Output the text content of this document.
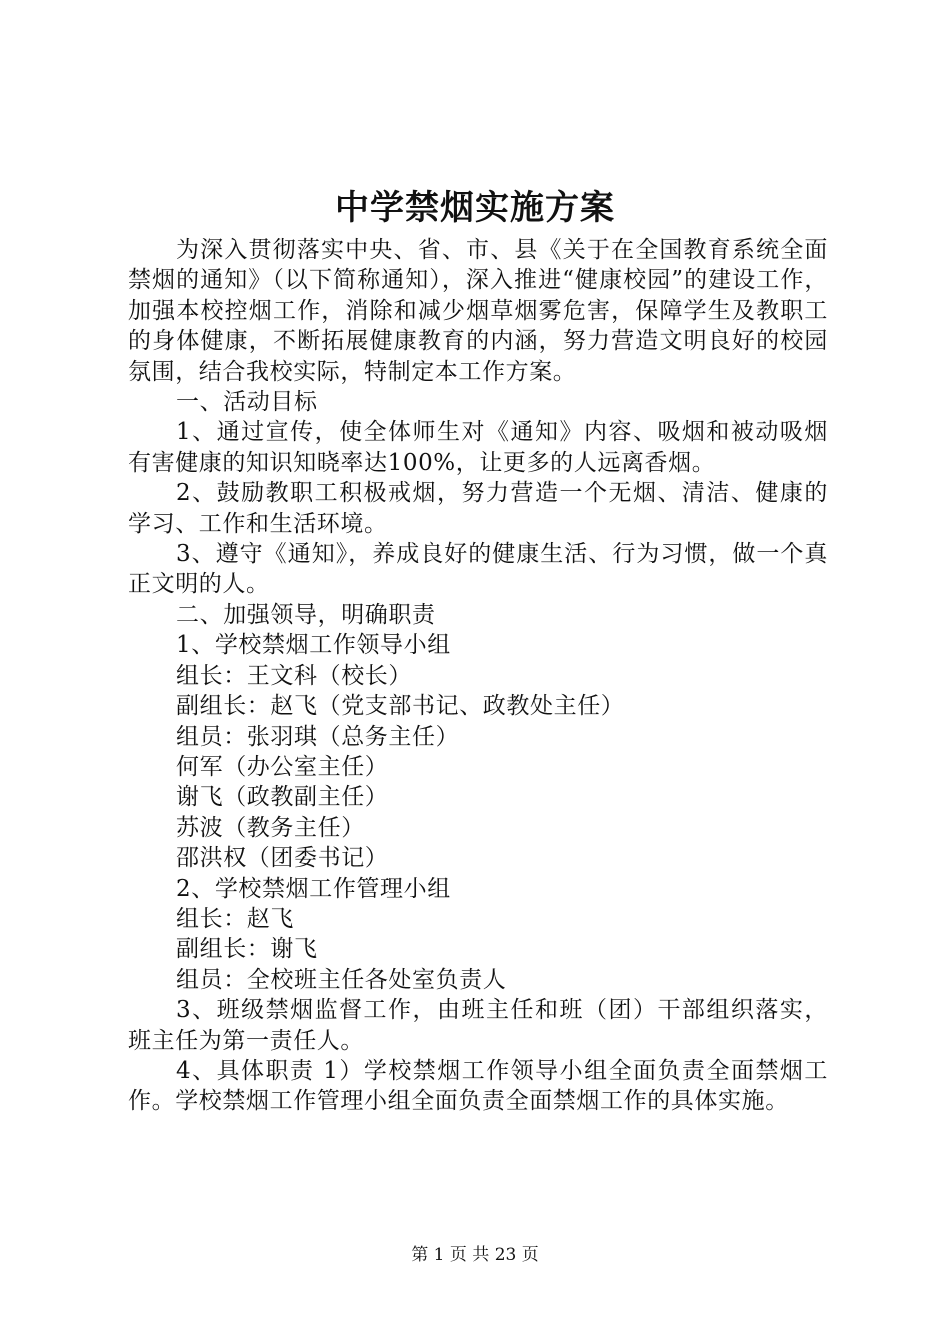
中学禁烟实施方案

为深入贯彻落实中央、省、市、县《关于在全国教育系统全面禁烟的通知》（以下简称通知），深入推进“健康校园”的建设工作，加强本校控烟工作，消除和减少烟草烟雾危害，保障学生及教职工的身体健康，不断拓展健康教育的内涵，努力营造文明良好的校园氛围，结合我校实际，特制定本工作方案。

一、活动目标

1、通过宣传，使全体师生对《通知》内容、吸烟和被动吸烟有害健康的知识知晓率达100%，让更多的人远离香烟。

2、鼓励教职工积极戒烟，努力营造一个无烟、清洁、健康的学习、工作和生活环境。

3、遵守《通知》，养成良好的健康生活、行为习惯，做一个真正文明的人。

二、加强领导，明确职责

1、学校禁烟工作领导小组

组长：王文科（校长）

副组长：赵飞（党支部书记、政教处主任）

组员：张羽琪（总务主任）

何军（办公室主任）

谢飞（政教副主任）

苏波（教务主任）

邵洪权（团委书记）

2、学校禁烟工作管理小组

组长：赵飞

副组长：谢飞

组员：全校班主任各处室负责人

3、班级禁烟监督工作，由班主任和班（团）干部组织落实，班主任为第一责任人。

4、具体职责 1）学校禁烟工作领导小组全面负责全面禁烟工作。学校禁烟工作管理小组全面负责全面禁烟工作的具体实施。

第 1 页 共 23 页
